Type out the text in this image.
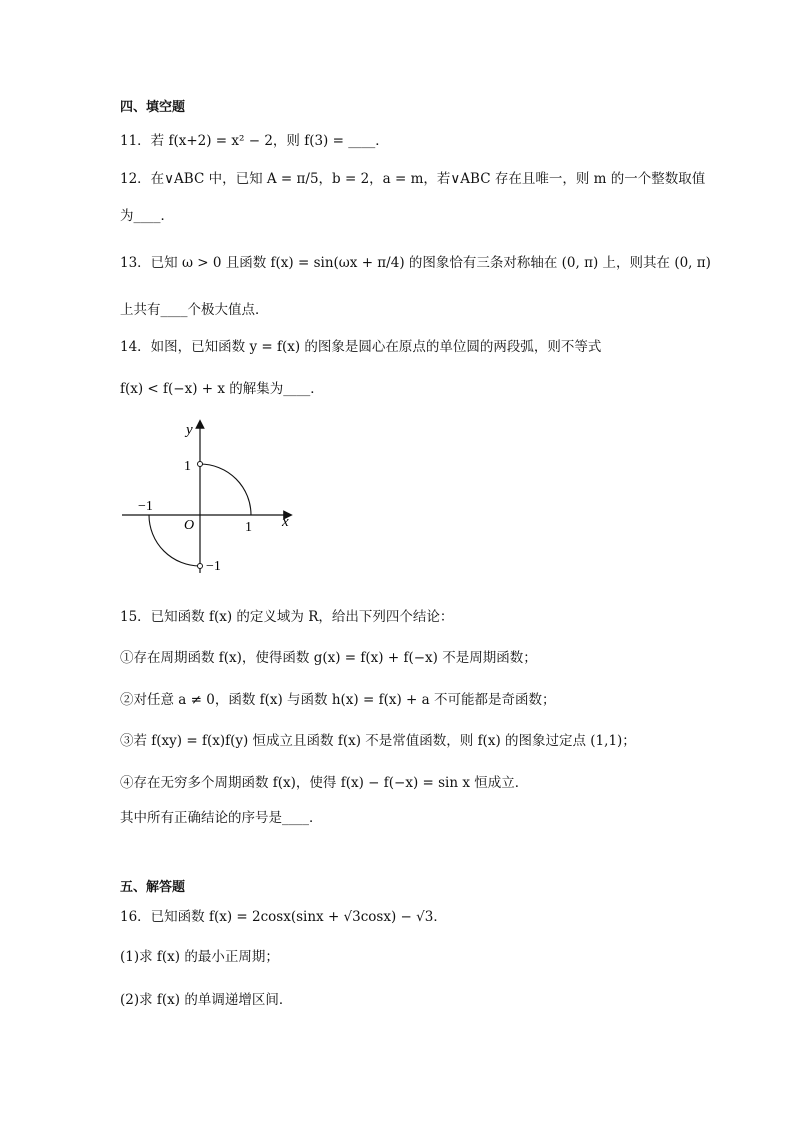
四、填空题
11．若 f(x+2) = x² − 2，则 f(3) = ____．
12．在∨ABC 中，已知 A = π/5，b = 2，a = m，若∨ABC 存在且唯一，则 m 的一个整数取值
为____．
13．已知 ω > 0 且函数 f(x) = sin(ωx + π/4) 的图象恰有三条对称轴在 (0, π) 上，则其在 (0, π)
上共有____个极大值点．
14．如图，已知函数 y = f(x) 的图象是圆心在原点的单位圆的两段弧，则不等式
f(x) < f(−x) + x 的解集为____．
y
x
O
1
1
−1
−1
15．已知函数 f(x) 的定义域为 R，给出下列四个结论：
①存在周期函数 f(x)，使得函数 g(x) = f(x) + f(−x) 不是周期函数；
②对任意 a ≠ 0，函数 f(x) 与函数 h(x) = f(x) + a 不可能都是奇函数；
③若 f(xy) = f(x)f(y) 恒成立且函数 f(x) 不是常值函数，则 f(x) 的图象过定点 (1,1)；
④存在无穷多个周期函数 f(x)，使得 f(x) − f(−x) = sin x 恒成立．
其中所有正确结论的序号是____．
五、解答题
16．已知函数 f(x) = 2cosx(sinx + √3cosx) − √3．
(1)求 f(x) 的最小正周期；
(2)求 f(x) 的单调递增区间．
